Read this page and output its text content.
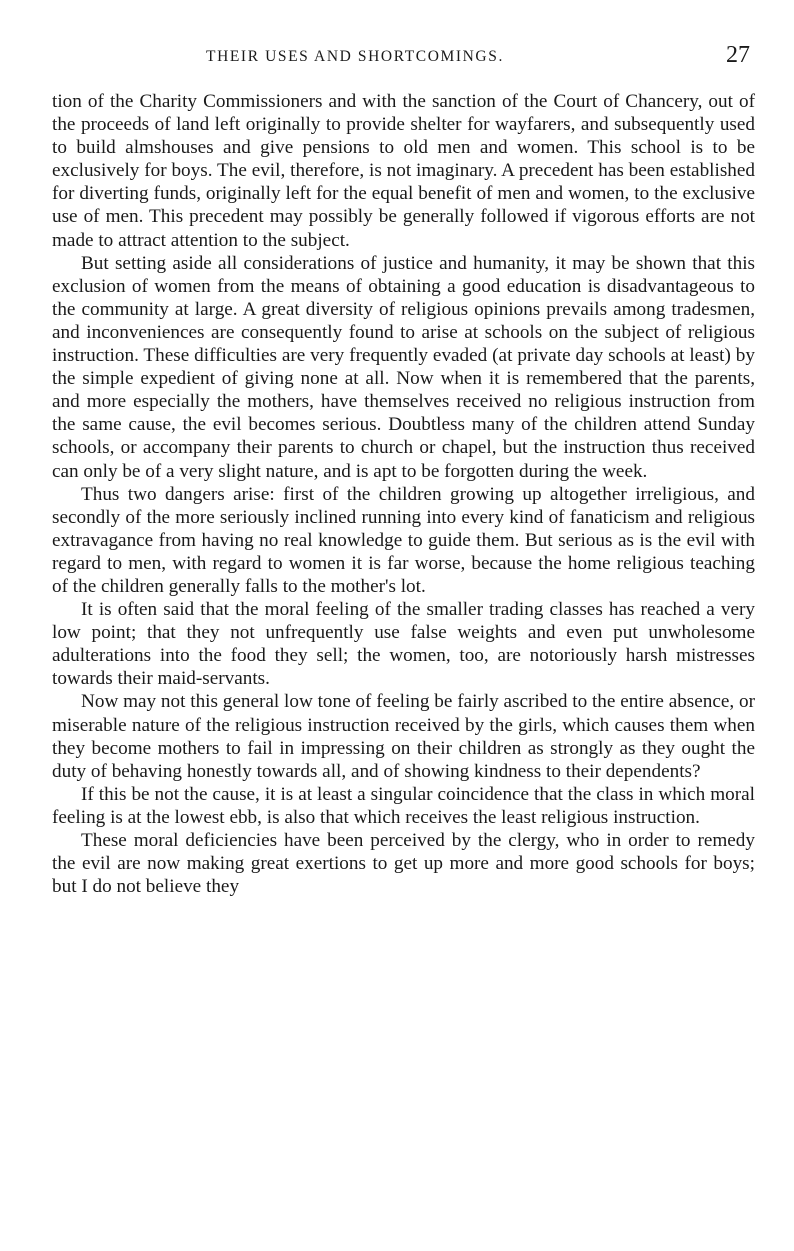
THEIR USES AND SHORTCOMINGS.	27

tion of the Charity Commissioners and with the sanction of the Court of Chancery, out of the proceeds of land left originally to provide shelter for wayfarers, and subsequently used to build almshouses and give pensions to old men and women. This school is to be exclusively for boys. The evil, therefore, is not imaginary. A precedent has been established for diverting funds, originally left for the equal benefit of men and women, to the exclusive use of men. This precedent may possibly be generally followed if vigorous efforts are not made to attract attention to the subject.

But setting aside all considerations of justice and humanity, it may be shown that this exclusion of women from the means of obtaining a good education is disadvantageous to the community at large. A great diversity of religious opinions prevails among tradesmen, and inconveniences are consequently found to arise at schools on the subject of religious instruction. These difficulties are very frequently evaded (at private day schools at least) by the simple expedient of giving none at all. Now when it is remembered that the parents, and more especially the mothers, have themselves received no religious instruction from the same cause, the evil becomes serious. Doubtless many of the children attend Sunday schools, or accompany their parents to church or chapel, but the instruction thus received can only be of a very slight nature, and is apt to be forgotten during the week.

Thus two dangers arise: first of the children growing up altogether irreligious, and secondly of the more seriously inclined running into every kind of fanaticism and religious extravagance from having no real knowledge to guide them. But serious as is the evil with regard to men, with regard to women it is far worse, because the home religious teaching of the children generally falls to the mother's lot.

It is often said that the moral feeling of the smaller trading classes has reached a very low point; that they not unfrequently use false weights and even put unwholesome adulterations into the food they sell; the women, too, are notoriously harsh mistresses towards their maid-servants.

Now may not this general low tone of feeling be fairly ascribed to the entire absence, or miserable nature of the religious instruction received by the girls, which causes them when they become mothers to fail in impressing on their children as strongly as they ought the duty of behaving honestly towards all, and of showing kindness to their dependents?

If this be not the cause, it is at least a singular coincidence that the class in which moral feeling is at the lowest ebb, is also that which receives the least religious instruction.

These moral deficiencies have been perceived by the clergy, who in order to remedy the evil are now making great exertions to get up more and more good schools for boys; but I do not believe they
